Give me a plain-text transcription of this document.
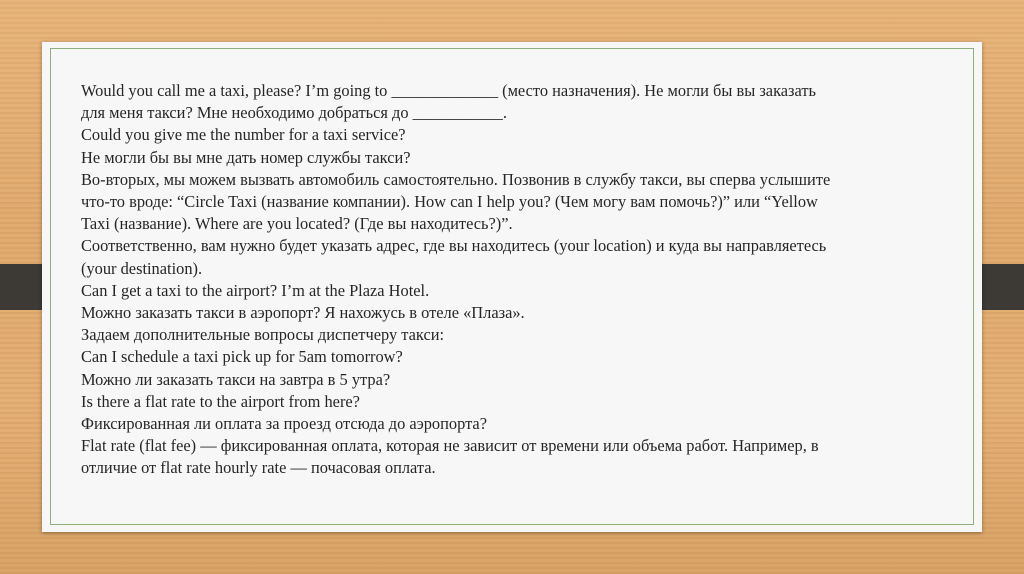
Would you call me a taxi, please? I’m going to _____________ (место назначения). Не могли бы вы заказать
для меня такси? Мне необходимо добраться до ___________.
Could you give me the number for a taxi service?
Не могли бы вы мне дать номер службы такси?
Во-вторых, мы можем вызвать автомобиль самостоятельно. Позвонив в службу такси, вы сперва услышите
что-то вроде: “Circle Taxi (название компании). How can I help you? (Чем могу вам помочь?)” или “Yellow
Taxi (название). Where are you located? (Где вы находитесь?)”.
Соответственно, вам нужно будет указать адрес, где вы находитесь (your location) и куда вы направляетесь
(your destination).
Can I get a taxi to the airport? I’m at the Plaza Hotel.
Можно заказать такси в аэропорт? Я нахожусь в отеле «Плаза».
Задаем дополнительные вопросы диспетчеру такси:
Can I schedule a taxi pick up for 5am tomorrow?
Можно ли заказать такси на завтра в 5 утра?
Is there a flat rate to the airport from here?
Фиксированная ли оплата за проезд отсюда до аэропорта?
Flat rate (flat fee) — фиксированная оплата, которая не зависит от времени или объема работ. Например, в
отличие от flat rate hourly rate — почасовая оплата.
